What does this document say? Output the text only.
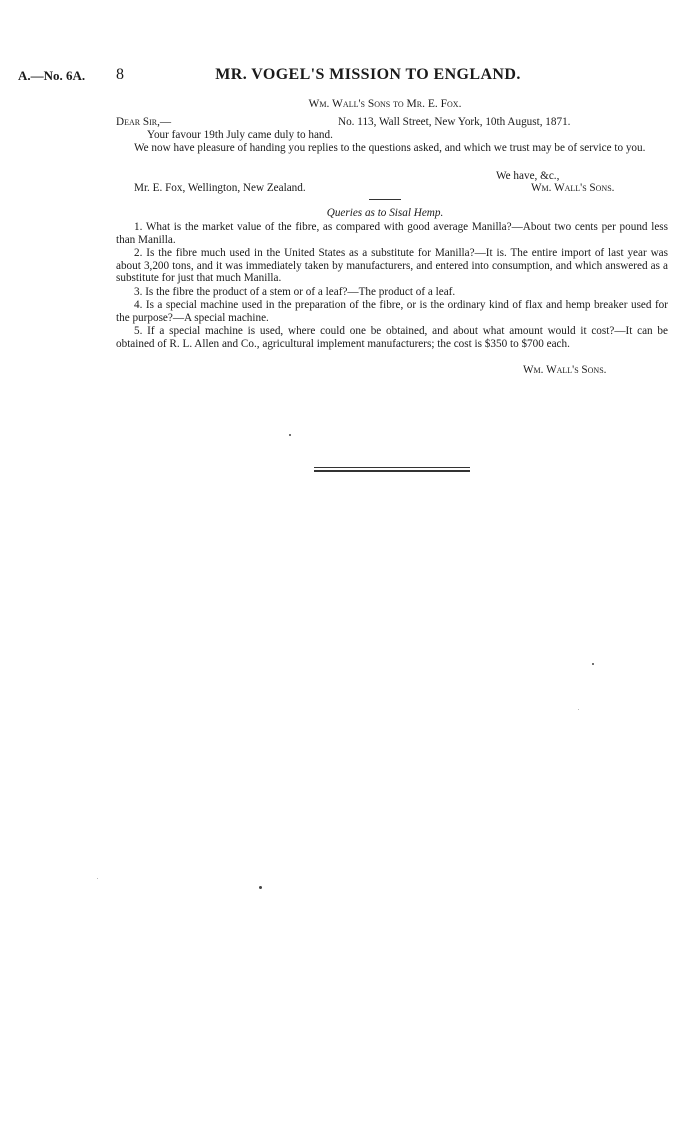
A.—No. 6A. 8	MR. VOGEL'S MISSION TO ENGLAND.
Wm. Wall's Sons to Mr. E. Fox.
Dear Sir,—	No. 113, Wall Street, New York, 10th August, 1871.
Your favour 19th July came duly to hand.
We now have pleasure of handing you replies to the questions asked, and which we trust may be of service to you.
We have, &c.,
Mr. E. Fox, Wellington, New Zealand.	Wm. Wall's Sons.
Queries as to Sisal Hemp.
1. What is the market value of the fibre, as compared with good average Manilla?—About two cents per pound less than Manilla.
2. Is the fibre much used in the United States as a substitute for Manilla?—It is. The entire import of last year was about 3,200 tons, and it was immediately taken by manufacturers, and entered into consumption, and which answered as a substitute for just that much Manilla.
3. Is the fibre the product of a stem or of a leaf?—The product of a leaf.
4. Is a special machine used in the preparation of the fibre, or is the ordinary kind of flax and hemp breaker used for the purpose?—A special machine.
5. If a special machine is used, where could one be obtained, and about what amount would it cost?—It can be obtained of R. L. Allen and Co., agricultural implement manufacturers; the cost is $350 to $700 each.
Wm. Wall's Sons.
